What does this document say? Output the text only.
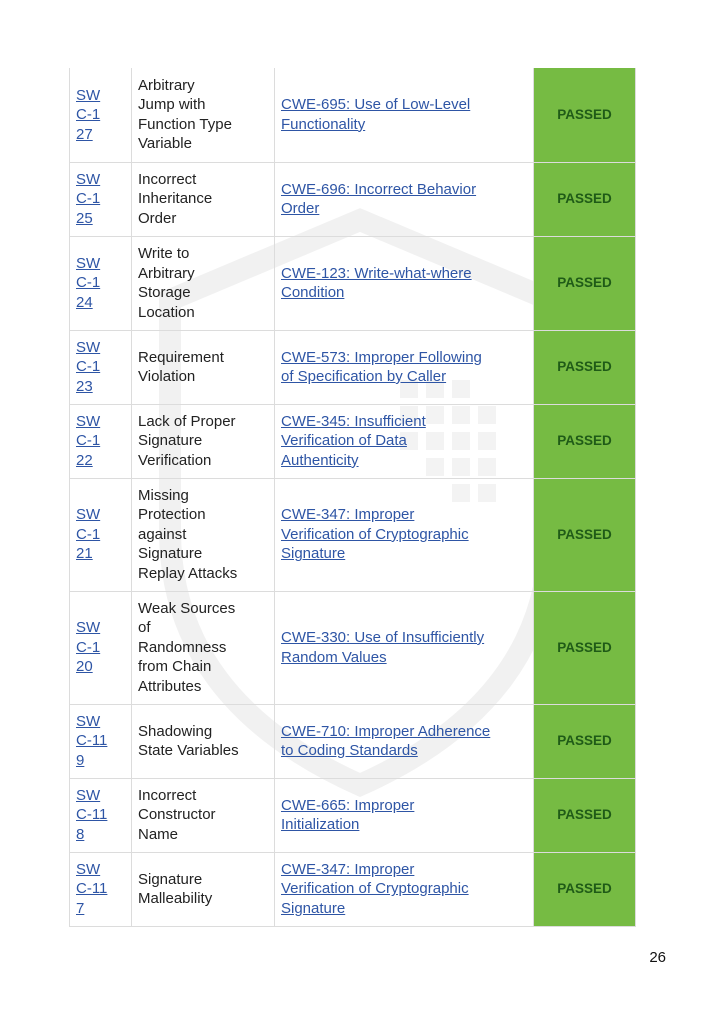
SW
C-1
27	Arbitrary
Jump with
Function Type
Variable	CWE-695: Use of Low-Level
Functionality	PASSED
SW
C-1
25	Incorrect
Inheritance
Order	CWE-696: Incorrect Behavior
Order	PASSED
SW
C-1
24	Write to
Arbitrary
Storage
Location	CWE-123: Write-what-where
Condition	PASSED
SW
C-1
23	Requirement
Violation	CWE-573: Improper Following
of Specification by Caller	PASSED
SW
C-1
22	Lack of Proper
Signature
Verification	CWE-345: Insufficient
Verification of Data
Authenticity	PASSED
SW
C-1
21	Missing
Protection
against
Signature
Replay Attacks	CWE-347: Improper
Verification of Cryptographic
Signature	PASSED
SW
C-1
20	Weak Sources
of
Randomness
from Chain
Attributes	CWE-330: Use of Insufficiently
Random Values	PASSED
SW
C-11
9	Shadowing
State Variables	CWE-710: Improper Adherence
to Coding Standards	PASSED
SW
C-11
8	Incorrect
Constructor
Name	CWE-665: Improper
Initialization	PASSED
SW
C-11
7	Signature
Malleability	CWE-347: Improper
Verification of Cryptographic
Signature	PASSED
26
